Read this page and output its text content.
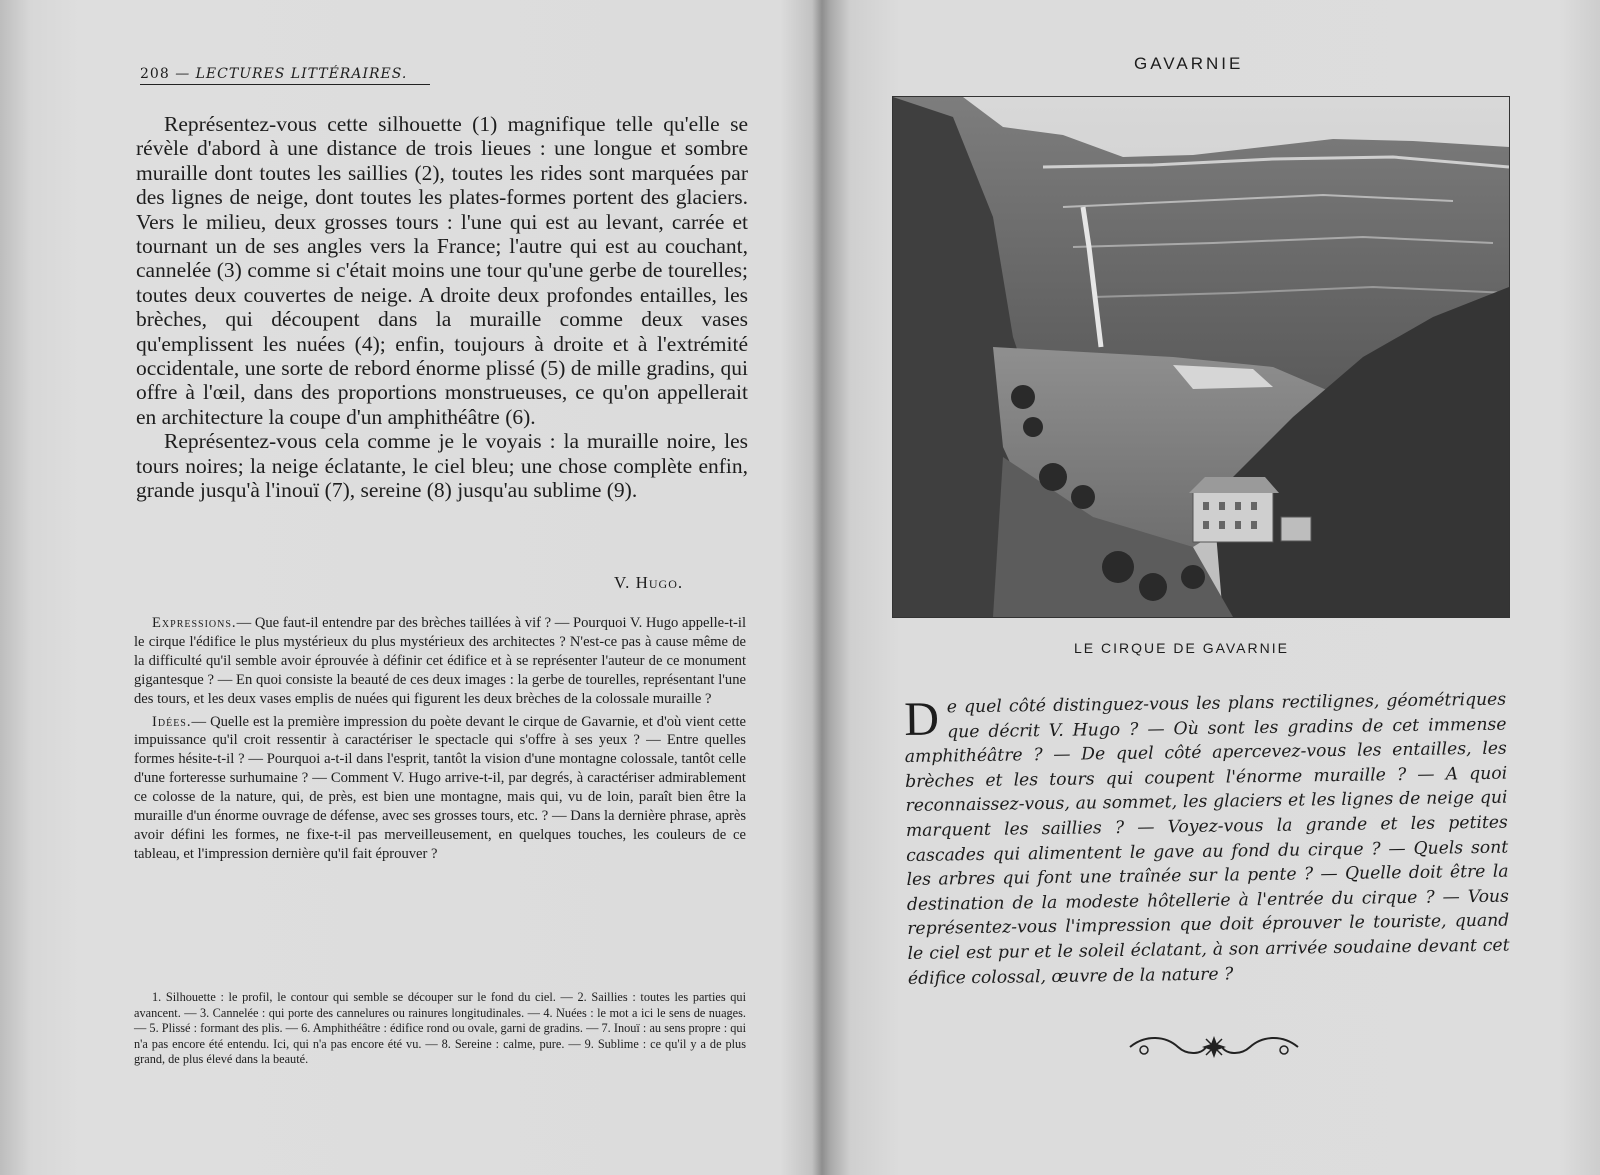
208 — LECTURES LITTÉRAIRES.

Représentez-vous cette silhouette (1) magnifique telle qu'elle se révèle d'abord à une distance de trois lieues : une longue et sombre muraille dont toutes les saillies (2), toutes les rides sont marquées par des lignes de neige, dont toutes les plates-formes portent des glaciers. Vers le milieu, deux grosses tours : l'une qui est au levant, carrée et tournant un de ses angles vers la France; l'autre qui est au couchant, cannelée (3) comme si c'était moins une tour qu'une gerbe de tourelles; toutes deux couvertes de neige. A droite deux profondes entailles, les brèches, qui découpent dans la muraille comme deux vases qu'emplissent les nuées (4); enfin, toujours à droite et à l'extrémité occidentale, une sorte de rebord énorme plissé (5) de mille gradins, qui offre à l'œil, dans des proportions monstrueuses, ce qu'on appellerait en architecture la coupe d'un amphithéâtre (6).

Représentez-vous cela comme je le voyais : la muraille noire, les tours noires; la neige éclatante, le ciel bleu; une chose complète enfin, grande jusqu'à l'inouï (7), sereine (8) jusqu'au sublime (9).

V. Hugo.

Expressions.— Que faut-il entendre par des brèches taillées à vif ? — Pourquoi V. Hugo appelle-t-il le cirque l'édifice le plus mystérieux du plus mystérieux des architectes ? N'est-ce pas à cause même de la difficulté qu'il semble avoir éprouvée à définir cet édifice et à se représenter l'auteur de ce monument gigantesque ? — En quoi consiste la beauté de ces deux images : la gerbe de tourelles, représentant l'une des tours, et les deux vases emplis de nuées qui figurent les deux brèches de la colossale muraille ?

Idées.— Quelle est la première impression du poète devant le cirque de Gavarnie, et d'où vient cette impuissance qu'il croit ressentir à caractériser le spectacle qui s'offre à ses yeux ? — Entre quelles formes hésite-t-il ? — Pourquoi a-t-il dans l'esprit, tantôt la vision d'une montagne colossale, tantôt celle d'une forteresse surhumaine ? — Comment V. Hugo arrive-t-il, par degrés, à caractériser admirablement ce colosse de la nature, qui, de près, est bien une montagne, mais qui, vu de loin, paraît bien être la muraille d'un énorme ouvrage de défense, avec ses grosses tours, etc. ? — Dans la dernière phrase, après avoir défini les formes, ne fixe-t-il pas merveilleusement, en quelques touches, les couleurs de ce tableau, et l'impression dernière qu'il fait éprouver ?

1. Silhouette : le profil, le contour qui semble se découper sur le fond du ciel. — 2. Saillies : toutes les parties qui avancent. — 3. Cannelée : qui porte des cannelures ou rainures longitudinales. — 4. Nuées : le mot a ici le sens de nuages. — 5. Plissé : formant des plis. — 6. Amphithéâtre : édifice rond ou ovale, garni de gradins. — 7. Inouï : au sens propre : qui n'a pas encore été entendu. Ici, qui n'a pas encore été vu. — 8. Sereine : calme, pure. — 9. Sublime : ce qu'il y a de plus grand, de plus élevé dans la beauté.

GAVARNIE
LE CIRQUE DE GAVARNIE
De quel côté distinguez-vous les plans rectilignes, géométriques que décrit V. Hugo ? — Où sont les gradins de cet immense amphithéâtre ? — De quel côté apercevez-vous les entailles, les brèches et les tours qui coupent l'énorme muraille ? — A quoi reconnaissez-vous, au sommet, les glaciers et les lignes de neige qui marquent les saillies ? — Voyez-vous la grande et les petites cascades qui alimentent le gave au fond du cirque ? — Quels sont les arbres qui font une traînée sur la pente ? — Quelle doit être la destination de la modeste hôtellerie à l'entrée du cirque ? — Vous représentez-vous l'impression que doit éprouver le touriste, quand le ciel est pur et le soleil éclatant, à son arrivée soudaine devant cet édifice colossal, œuvre de la nature ?
